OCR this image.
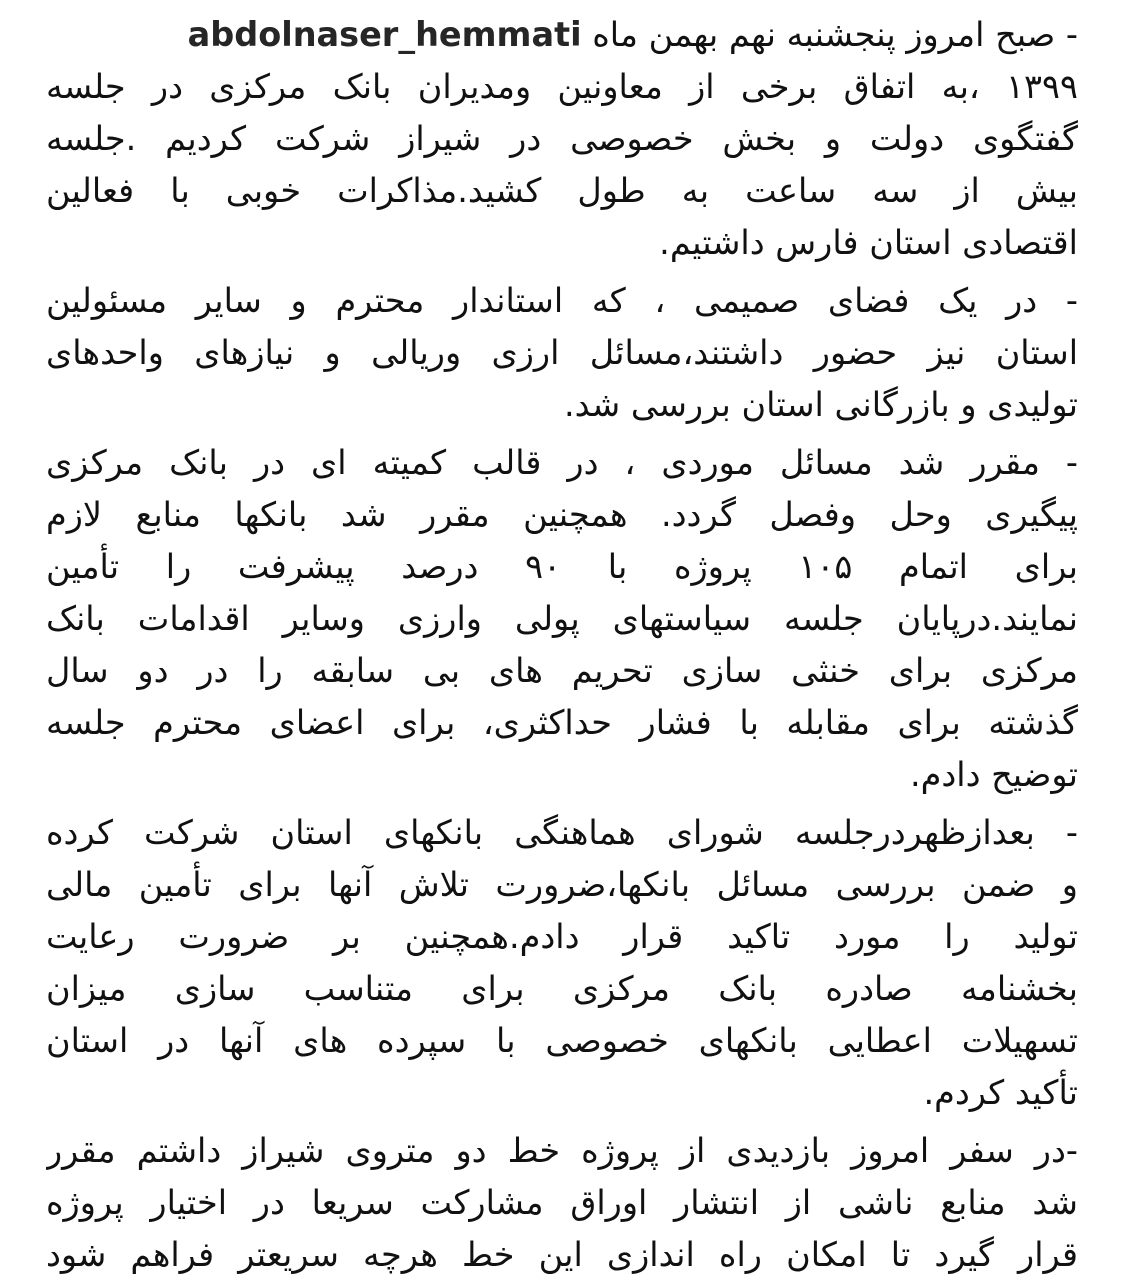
- صبح امروز پنجشنبه نهم بهمن ماه abdolnaser_hemmati
۱۳۹۹ ،به اتفاق برخی از معاونین ومدیران بانک مرکزی در جلسه
گفتگوی دولت و بخش خصوصی در شیراز شرکت کردیم .جلسه
بیش از سه ساعت به طول کشید.مذاکرات خوبی با فعالین
اقتصادی استان فارس داشتیم.
- در یک فضای صمیمی ، که استاندار محترم و سایر مسئولین
استان نیز حضور داشتند،مسائل ارزی وریالی و نیازهای واحدهای
تولیدی و بازرگانی استان بررسی شد.
- مقرر شد مسائل موردی ، در قالب کمیته ای در بانک مرکزی
پیگیری وحل وفصل گردد. همچنین مقرر شد بانکها منابع لازم
برای اتمام ۱۰۵ پروژه با ۹۰ درصد پیشرفت را تأمین
نمایند.درپایان جلسه سیاستهای پولی وارزی وسایر اقدامات بانک
مرکزی برای خنثی سازی تحریم های بی سابقه را در دو سال
گذشته برای مقابله با فشار حداکثری، برای اعضای محترم جلسه
توضیح دادم.
- بعدازظهردرجلسه شورای هماهنگی بانکهای استان شرکت کرده
و ضمن بررسی مسائل بانکها،ضرورت تلاش آنها برای تأمین مالی
تولید را مورد تاکید قرار دادم.همچنین بر ضرورت رعایت
بخشنامه صادره بانک مرکزی برای متناسب سازی میزان
تسهیلات اعطایی بانکهای خصوصی با سپرده های آنها در استان
تأکید کردم.
-در سفر امروز بازدیدی از پروژه خط دو متروی شیراز داشتم مقرر
شد منابع ناشی از انتشار اوراق مشارکت سریعا در اختیار پروژه
قرار گیرد تا امکان راه اندازی این خط هرچه سریعتر فراهم شود
